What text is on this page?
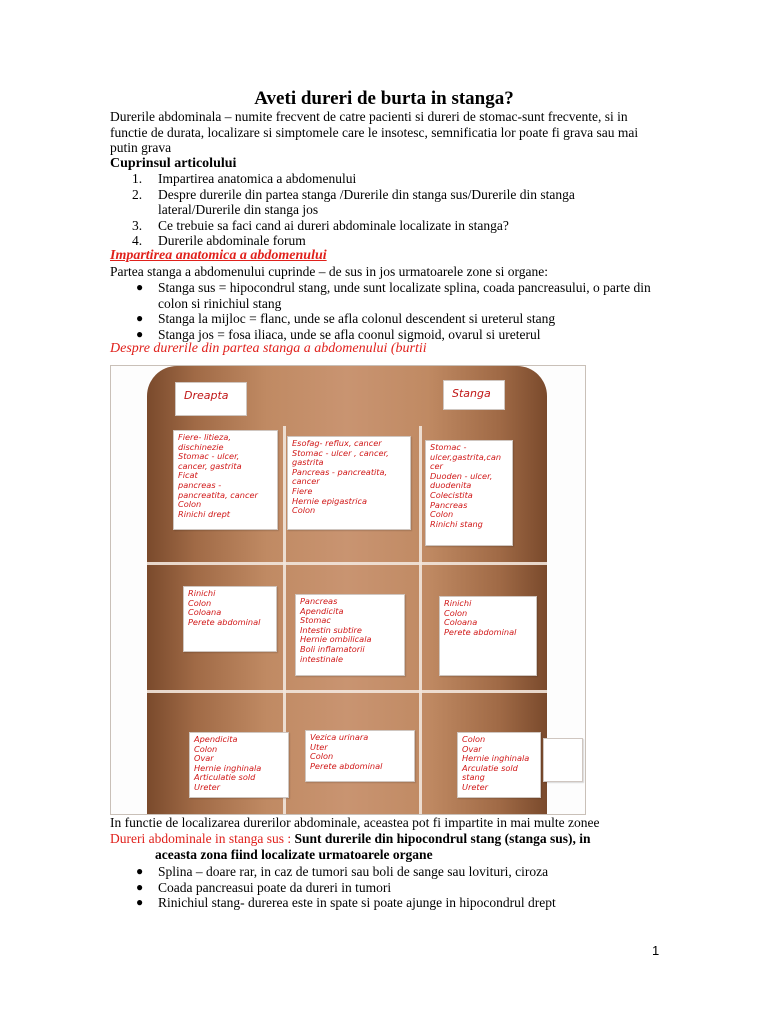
Aveti dureri de burta in stanga?
Durerile abdominala – numite frecvent de catre pacienti si dureri de stomac-sunt frecvente, si in functie de durata, localizare si simptomele care le insotesc, semnificatia lor poate fi grava sau mai putin grava
Cuprinsul articolului
1. Impartirea anatomica a abdomenului
2. Despre durerile din partea stanga /Durerile din stanga sus/Durerile din stanga lateral/Durerile din stanga jos
3. Ce trebuie sa faci cand ai dureri abdominale localizate in stanga?
4. Durerile abdominale forum
Impartirea anatomica a abdomenului
Partea stanga a abdomenului cuprinde – de sus in jos urmatoarele zone si organe:
● Stanga sus = hipocondrul stang, unde sunt localizate splina, coada pancreasului, o parte din colon si rinichiul stang
● Stanga la mijloc = flanc, unde se afla colonul descendent si ureterul stang
● Stanga jos = fosa iliaca, unde se afla coonul sigmoid, ovarul si ureterul
Despre durerile din partea stanga a abdomenului (burtii
Dreapta	Stanga
Fiere- litieza,
dischinezie
Stomac - ulcer,
cancer, gastrita
Ficat
pancreas -
pancreatita, cancer
Colon
Rinichi drept
Esofag- reflux, cancer
Stomac - ulcer , cancer,
gastrita
Pancreas - pancreatita,
cancer
Fiere
Hernie epigastrica
Colon
Stomac -
ulcer,gastrita,can
cer
Duoden - ulcer,
duodenita
Colecistita
Pancreas
Colon
Rinichi stang
Rinichi
Colon
Coloana
Perete abdominal
Pancreas
Apendicita
Stomac
Intestin subtire
Hernie ombilicala
Boli inflamatorii
intestinale
Rinichi
Colon
Coloana
Perete abdominal
Apendicita
Colon
Ovar
Hernie inghinala
Articulatie sold
Ureter
Vezica urinara
Uter
Colon
Perete abdominal
Colon
Ovar
Hernie inghinala
Arculatie sold
stang
Ureter
In functie de localizarea durerilor abdominale, aceastea pot fi impartite in mai multe zonee
Dureri abdominale in stanga sus : Sunt durerile din hipocondrul stang (stanga sus), in
aceasta zona fiind localizate urmatoarele organe
● Splina – doare rar, in caz de tumori sau boli de sange sau lovituri, ciroza
● Coada pancreasui poate da dureri in tumori
● Rinichiul stang- durerea este in spate si poate ajunge in hipocondrul drept
1
